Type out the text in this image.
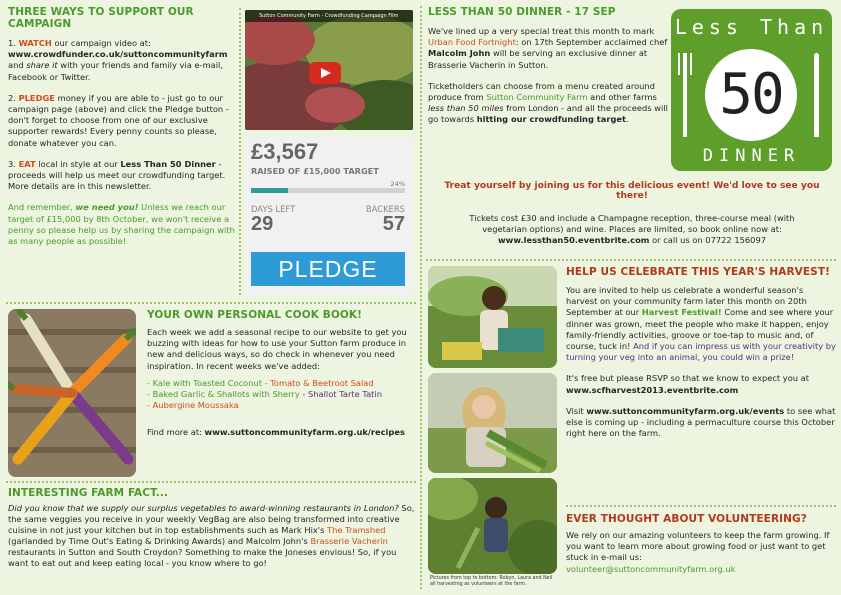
THREE WAYS TO SUPPORT OUR CAMPAIGN

1. WATCH our campaign video at: www.crowdfunder.co.uk/suttoncommunityfarm and share it with your friends and family via e-mail, Facebook or Twitter.

2. PLEDGE money if you are able to - just go to our campaign page (above) and click the Pledge button - don't forget to choose from one of our exclusive supporter rewards! Every penny counts so please, donate whatever you can.

3. EAT local in style at our Less Than 50 Dinner - proceeds will help us meet our crowdfunding target. More details are in this newsletter.

And remember, we need you! Unless we reach our target of £15,000 by 8th October, we won't receive a penny so please help us by sharing the campaign with as many people as possible!

Sutton Community Farm - Crowdfunding Campaign Film
£3,567
RAISED OF £15,000 TARGET
24%
DAYS LEFT
29
BACKERS
57
PLEDGE
YOUR OWN PERSONAL COOK BOOK!

Each week we add a seasonal recipe to our website to get you buzzing with ideas for how to use your Sutton farm produce in new and delicious ways, so do check in whenever you need inspiration. In recent weeks we've added:

- Kale with Toasted Coconut - Tomato & Beetroot Salad
- Baked Garlic & Shallots with Sherry - Shallot Tarte Tatin
- Aubergine Moussaka

Find more at: www.suttoncommunityfarm.org.uk/recipes

INTERESTING FARM FACT...

Did you know that we supply our surplus vegetables to award-winning restaurants in London? So, the same veggies you receive in your weekly VegBag are also being transformed into creative cuisine in not just your kitchen but in top establishments such as Mark Hix's The Tramshed (garlanded by Time Out's Eating & Drinking Awards) and Malcolm John's Brasserie Vacherin restaurants in Sutton and South Croydon? Something to make the Joneses envious! So, if you want to eat out and keep eating local - you know where to go!

LESS THAN 50 DINNER - 17 SEP

We've lined up a very special treat this month to mark Urban Food Fortnight: on 17th September acclaimed chef Malcolm John will be serving an exclusive dinner at Brasserie Vacherin in Sutton.

Ticketholders can choose from a menu created around produce from Sutton Community Farm and other farms less than 50 miles from London - and all the proceeds will go towards hitting our crowdfunding target.

Less Than
50
DINNER

Treat yourself by joining us for this delicious event! We'd love to see you there!

Tickets cost £30 and include a Champagne reception, three-course meal (with vegetarian options) and wine. Places are limited, so book online now at:

www.lessthan50.eventbrite.com or call us on 07722 156097

Pictures from top to bottom: Robyn, Laura and Neil all harvesting as volunteers at the farm.
HELP US CELEBRATE THIS YEAR'S HARVEST!

You are invited to help us celebrate a wonderful season's harvest on your community farm later this month on 20th September at our Harvest Festival! Come and see where your dinner was grown, meet the people who make it happen, enjoy family-friendly activities, groove or toe-tap to music and, of course, tuck in! And if you can impress us with your creativity by turning your veg into an animal, you could win a prize!

It's free but please RSVP so that we know to expect you at www.scfharvest2013.eventbrite.com

Visit www.suttoncommunityfarm.org.uk/events to see what else is coming up - including a permaculture course this October right here on the farm.

EVER THOUGHT ABOUT VOLUNTEERING?

We rely on our amazing volunteers to keep the farm growing. If you want to learn more about growing food or just want to get stuck in e-mail us:

volunteer@suttoncommunityfarm.org.uk
